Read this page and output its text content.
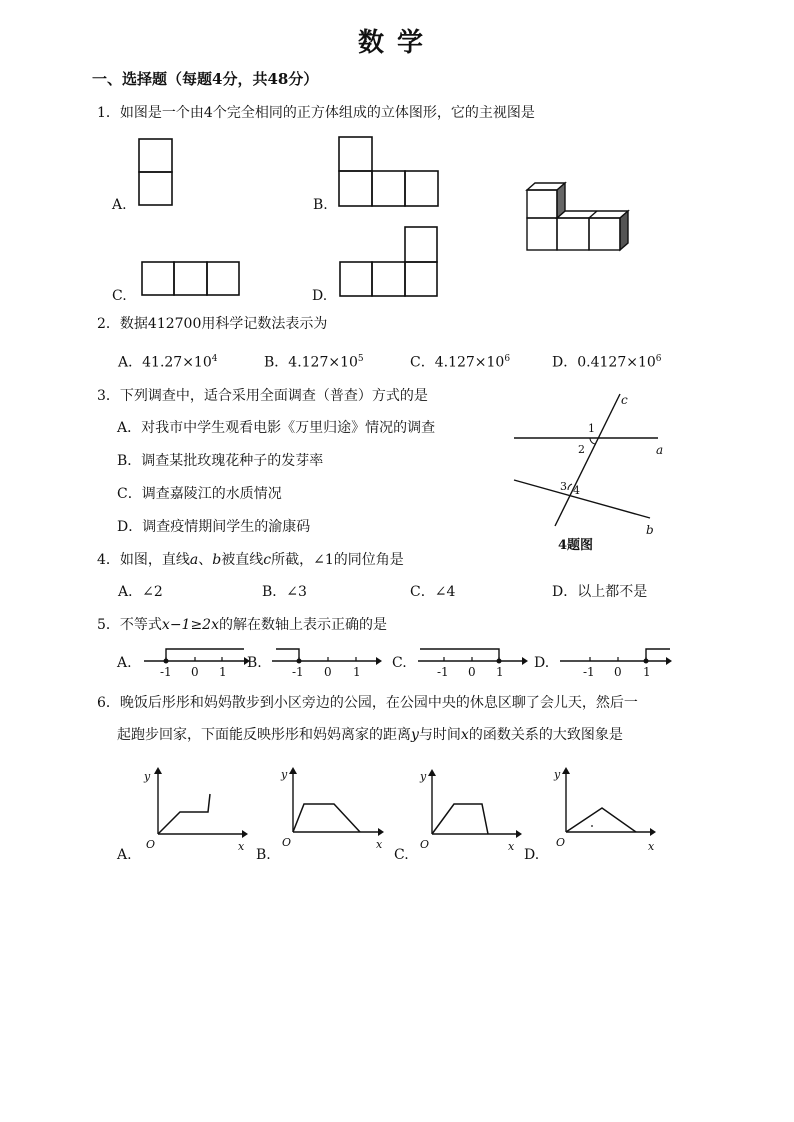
数 学
一、选择题（每题4分，共48分）
1．如图是一个由4个完全相同的正方体组成的立体图形，它的主视图是
A.	B.
C.	D.
2．数据412700用科学记数法表示为
A．$41.27\times 10^4$	B．$4.127\times 10^5$	C．$4.127\times 10^6$	D．$0.4127\times 10^6$
3．下列调查中，适合采用全面调查（普查）方式的是
A．对我市中学生观看电影《万里归途》情况的调查
B．调查某批玫瑰花种子的发芽率
C．调查嘉陵江的水质情况
D．调查疫情期间学生的渝康码
c
a
b
1
2
3 4
4题图
4．如图，直线a、b被直线c所截，∠1的同位角是
A．∠2	B．∠3	C．∠4	D．以上都不是
5．不等式x−1≥2x的解在数轴上表示正确的是
A.
-1 0 1
B.
-1 0 1
C.
-1 0 1
D.
-1 0 1
6．晚饭后彤彤和妈妈散步到小区旁边的公园，在公园中央的休息区聊了会儿天，然后一
起跑步回家，下面能反映彤彤和妈妈离家的距离y与时间x的函数关系的大致图象是
A.
y
x
O
B.
y
x
O
C.
y
x
O
D.
y
x
O
